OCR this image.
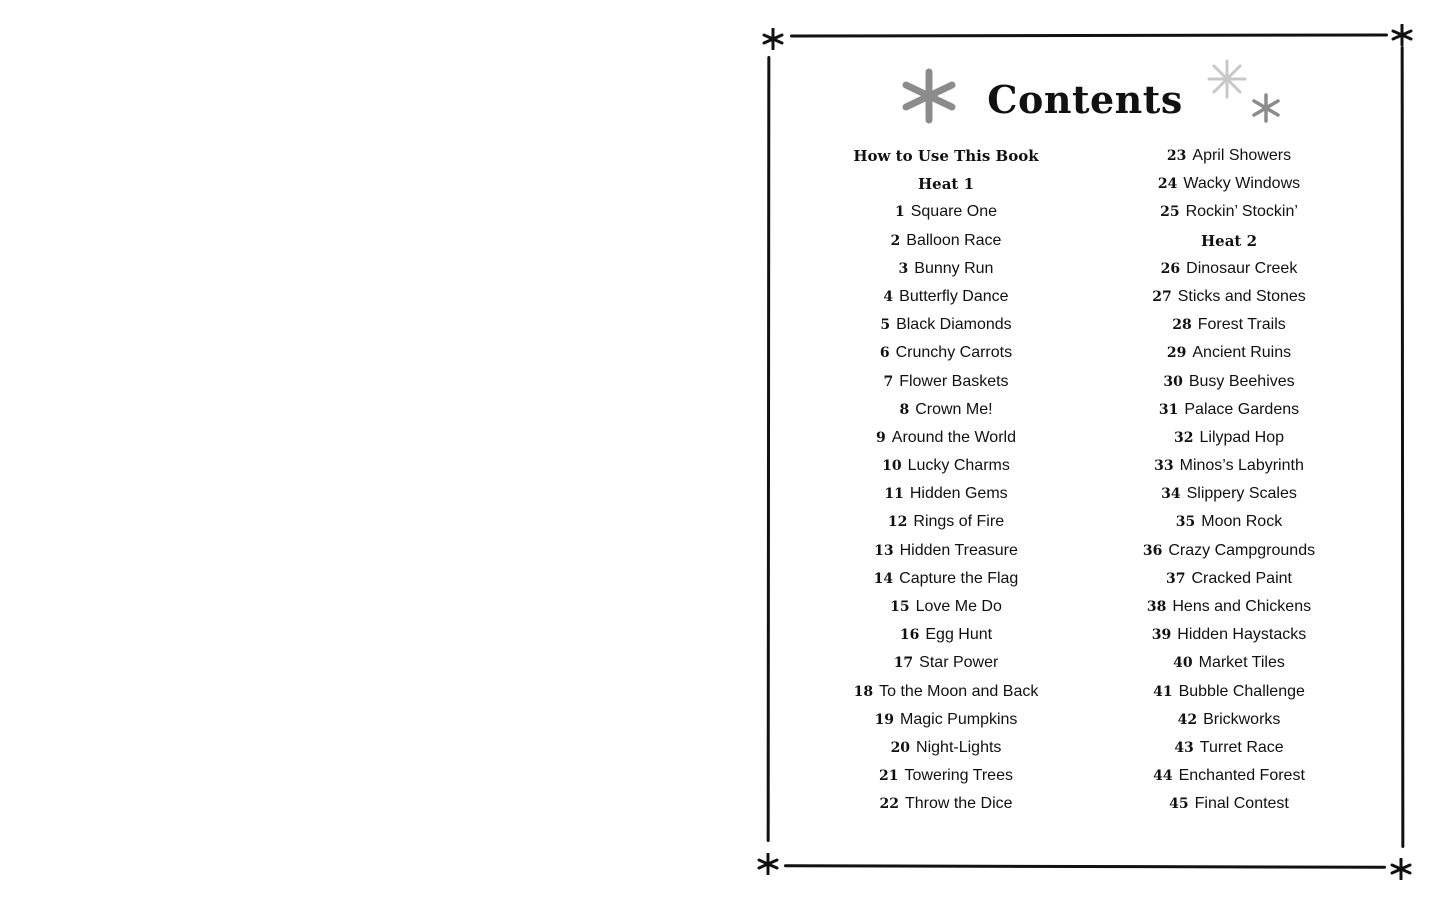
Contents
How to Use This Book
Heat 1
1 Square One
2 Balloon Race
3 Bunny Run
4 Butterfly Dance
5 Black Diamonds
6 Crunchy Carrots
7 Flower Baskets
8 Crown Me!
9 Around the World
10 Lucky Charms
11 Hidden Gems
12 Rings of Fire
13 Hidden Treasure
14 Capture the Flag
15 Love Me Do
16 Egg Hunt
17 Star Power
18 To the Moon and Back
19 Magic Pumpkins
20 Night-Lights
21 Towering Trees
22 Throw the Dice
23 April Showers
24 Wacky Windows
25 Rockin’ Stockin’
Heat 2
26 Dinosaur Creek
27 Sticks and Stones
28 Forest Trails
29 Ancient Ruins
30 Busy Beehives
31 Palace Gardens
32 Lilypad Hop
33 Minos’s Labyrinth
34 Slippery Scales
35 Moon Rock
36 Crazy Campgrounds
37 Cracked Paint
38 Hens and Chickens
39 Hidden Haystacks
40 Market Tiles
41 Bubble Challenge
42 Brickworks
43 Turret Race
44 Enchanted Forest
45 Final Contest
